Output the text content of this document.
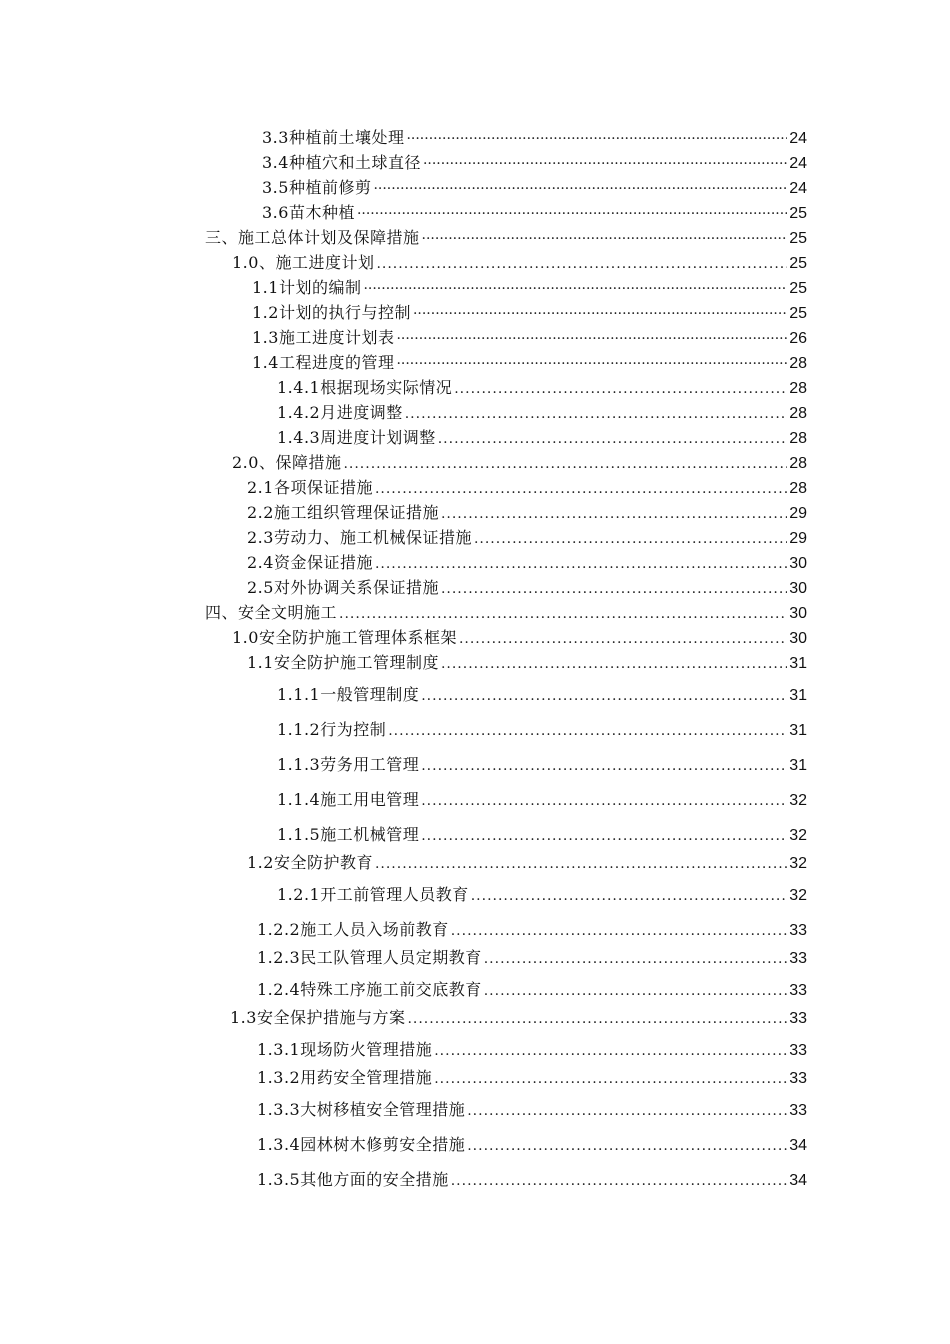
3.3种植前土壤处理 ·····	24
3.4种植穴和土球直径 ·····	24
3.5种植前修剪 ·····	24
3.6苗木种植 ·····	25
三、施工总体计划及保障措施 ·····	25
1.0、施工进度计划 .....	25
1.1计划的编制 ·····	25
1.2计划的执行与控制 ·····	25
1.3施工进度计划表 ·····	26
1.4工程进度的管理 ·····	28
1.4.1根据现场实际情况 .....	28
1.4.2月进度调整 .....	28
1.4.3周进度计划调整 .....	28
2.0、保障措施 .....	28
2.1各项保证措施 .....	28
2.2施工组织管理保证措施 .....	29
2.3劳动力、施工机械保证措施 .....	29
2.4资金保证措施 .....	30
2.5对外协调关系保证措施 .....	30
四、安全文明施工 .....	30
1.0安全防护施工管理体系框架 .....	30
1.1安全防护施工管理制度 .....	31
1.1.1一般管理制度 .....	31
1.1.2行为控制 .....	31
1.1.3劳务用工管理 .....	31
1.1.4施工用电管理 .....	32
1.1.5施工机械管理 .....	32
1.2安全防护教育 .....	32
1.2.1开工前管理人员教育 .....	32
1.2.2施工人员入场前教育 .....	33
1.2.3民工队管理人员定期教育 .....	33
1.2.4特殊工序施工前交底教育 .....	33
1.3安全保护措施与方案 .....	33
1.3.1现场防火管理措施 .....	33
1.3.2用药安全管理措施 .....	33
1.3.3大树移植安全管理措施 .....	33
1.3.4园林树木修剪安全措施 .....	34
1.3.5其他方面的安全措施 .....	34
